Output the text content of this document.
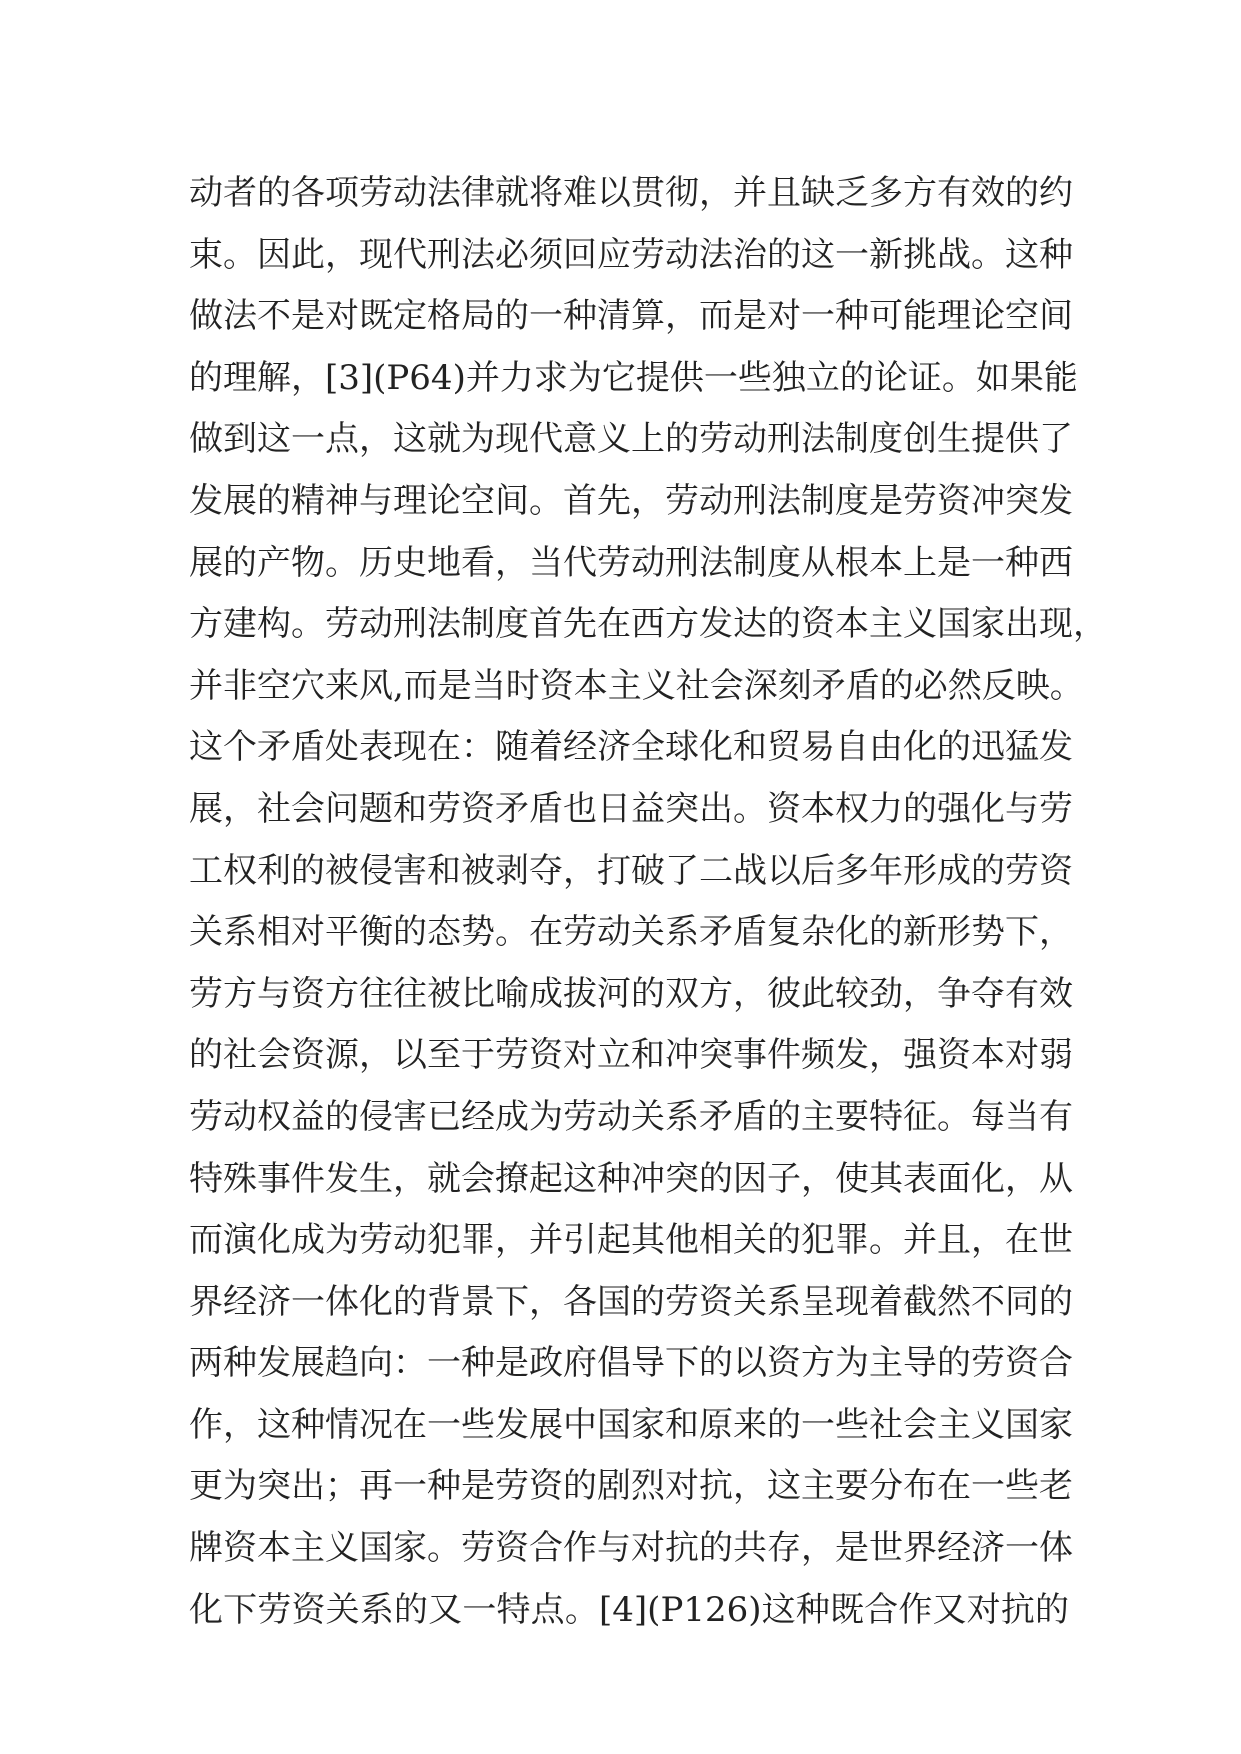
动者的各项劳动法律就将难以贯彻，并且缺乏多方有效的约
束。因此，现代刑法必须回应劳动法治的这一新挑战。这种
做法不是对既定格局的一种清算，而是对一种可能理论空间
的理解，[3](P64)并力求为它提供一些独立的论证。如果能
做到这一点，这就为现代意义上的劳动刑法制度创生提供了
发展的精神与理论空间。首先，劳动刑法制度是劳资冲突发
展的产物。历史地看，当代劳动刑法制度从根本上是一种西
方建构。劳动刑法制度首先在西方发达的资本主义国家出现，
并非空穴来风,而是当时资本主义社会深刻矛盾的必然反映。
这个矛盾处表现在：随着经济全球化和贸易自由化的迅猛发
展，社会问题和劳资矛盾也日益突出。资本权力的强化与劳
工权利的被侵害和被剥夺，打破了二战以后多年形成的劳资
关系相对平衡的态势。在劳动关系矛盾复杂化的新形势下，
劳方与资方往往被比喻成拔河的双方，彼此较劲，争夺有效
的社会资源，以至于劳资对立和冲突事件频发，强资本对弱
劳动权益的侵害已经成为劳动关系矛盾的主要特征。每当有
特殊事件发生，就会撩起这种冲突的因子，使其表面化，从
而演化成为劳动犯罪，并引起其他相关的犯罪。并且，在世
界经济一体化的背景下，各国的劳资关系呈现着截然不同的
两种发展趋向：一种是政府倡导下的以资方为主导的劳资合
作，这种情况在一些发展中国家和原来的一些社会主义国家
更为突出；再一种是劳资的剧烈对抗，这主要分布在一些老
牌资本主义国家。劳资合作与对抗的共存，是世界经济一体
化下劳资关系的又一特点。[4](P126)这种既合作又对抗的
